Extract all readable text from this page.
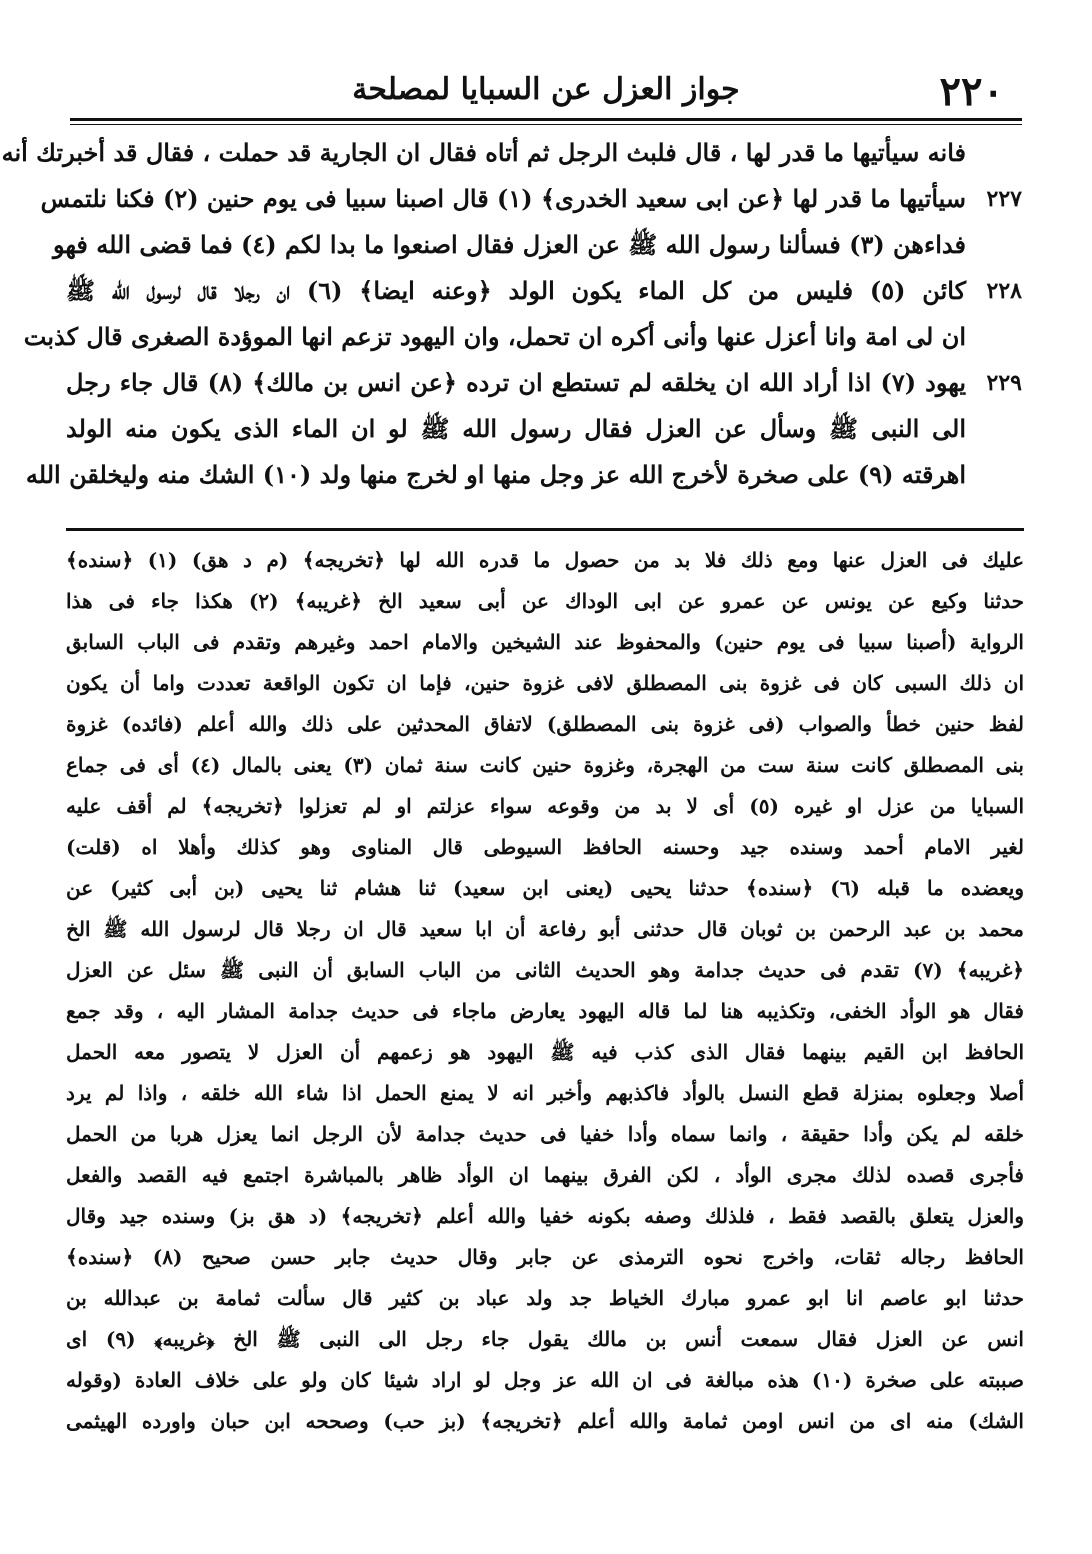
٢٢٠
جواز العزل عن السبايا لمصلحة
فانه سيأتيها ما قدر لها ، قال فلبث الرجل ثم أتاه فقال ان الجارية قد حملت ، فقال قد أخبرتك أنه
سيأتيها ما قدر لها ﴿عن ابى سعيد الخدرى﴾ (١) قال اصبنا سبيا فى يوم حنين (٢) فكنا نلتمس
فداءهن (٣) فسألنا رسول الله ﷺ عن العزل فقال اصنعوا ما بدا لكم (٤) فما قضى الله فهو
كائن (٥) فليس من كل الماء يكون الولد ﴿وعنه ايضا﴾ (٦) ان رجلا قال لرسول الله ﷺ
ان لى امة وانا أعزل عنها وأنى أكره ان تحمل، وان اليهود تزعم انها الموؤدة الصغرى قال كذبت
يهود (٧) اذا أراد الله ان يخلقه لم تستطع ان ترده ﴿عن انس بن مالك﴾ (٨) قال جاء رجل
الى النبى ﷺ وسأل عن العزل فقال رسول الله ﷺ لو ان الماء الذى يكون منه الولد
اهرقته (٩) على صخرة لأخرج الله عز وجل منها او لخرج منها ولد (١٠) الشك منه وليخلقن الله
٢٢٧
٢٢٨
٢٢٩
عليك فى العزل عنها ومع ذلك فلا بد من حصول ما قدره الله لها ﴿تخريجه﴾ (م د هق) (١) ﴿سنده﴾
حدثنا وكيع عن يونس عن عمرو عن ابى الوداك عن أبى سعيد الخ ﴿غريبه﴾ (٢) هكذا جاء فى هذا
الرواية (أصبنا سبيا فى يوم حنين) والمحفوظ عند الشيخين والامام احمد وغيرهم وتقدم فى الباب السابق
ان ذلك السبى كان فى غزوة بنى المصطلق لافى غزوة حنين، فإما ان تكون الواقعة تعددت واما أن يكون
لفظ حنين خطأ والصواب (فى غزوة بنى المصطلق) لاتفاق المحدثين على ذلك والله أعلم (فائده) غزوة
بنى المصطلق كانت سنة ست من الهجرة، وغزوة حنين كانت سنة ثمان (٣) يعنى بالمال (٤) أى فى جماع
السبايا من عزل او غيره (٥) أى لا بد من وقوعه سواء عزلتم او لم تعزلوا ﴿تخريجه﴾ لم أقف عليه
لغير الامام أحمد وسنده جيد وحسنه الحافظ السيوطى قال المناوى وهو كذلك وأهلا اه (قلت)
ويعضده ما قبله (٦) ﴿سنده﴾ حدثنا يحيى (يعنى ابن سعيد) ثنا هشام ثنا يحيى (بن أبى كثير) عن
محمد بن عبد الرحمن بن ثوبان قال حدثنى أبو رفاعة أن ابا سعيد قال ان رجلا قال لرسول الله ﷺ الخ
﴿غريبه﴾ (٧) تقدم فى حديث جدامة وهو الحديث الثانى من الباب السابق أن النبى ﷺ سئل عن العزل
فقال هو الوأد الخفى، وتكذيبه هنا لما قاله اليهود يعارض ماجاء فى حديث جدامة المشار اليه ، وقد جمع
الحافظ ابن القيم بينهما فقال الذى كذب فيه ﷺ اليهود هو زعمهم أن العزل لا يتصور معه الحمل
أصلا وجعلوه بمنزلة قطع النسل بالوأد فاكذبهم وأخبر انه لا يمنع الحمل اذا شاء الله خلقه ، واذا لم يرد
خلقه لم يكن وأدا حقيقة ، وانما سماه وأدا خفيا فى حديث جدامة لأن الرجل انما يعزل هربا من الحمل
فأجرى قصده لذلك مجرى الوأد ، لكن الفرق بينهما ان الوأد ظاهر بالمباشرة اجتمع فيه القصد والفعل
والعزل يتعلق بالقصد فقط ، فلذلك وصفه بكونه خفيا والله أعلم ﴿تخريجه﴾ (د هق بز) وسنده جيد وقال
الحافظ رجاله ثقات، واخرج نحوه الترمذى عن جابر وقال حديث جابر حسن صحيح (٨) ﴿سنده﴾
حدثنا ابو عاصم انا ابو عمرو مبارك الخياط جد ولد عباد بن كثير قال سألت ثمامة بن عبدالله بن
انس عن العزل فقال سمعت أنس بن مالك يقول جاء رجل الى النبى ﷺ الخ ﴿غريبه﴾ (٩) اى
صببته على صخرة (١٠) هذه مبالغة فى ان الله عز وجل لو اراد شيئا كان ولو على خلاف العادة (وقوله
الشك) منه اى من انس اومن ثمامة والله أعلم ﴿تخريجه﴾ (بز حب) وصححه ابن حبان واورده الهيثمى
